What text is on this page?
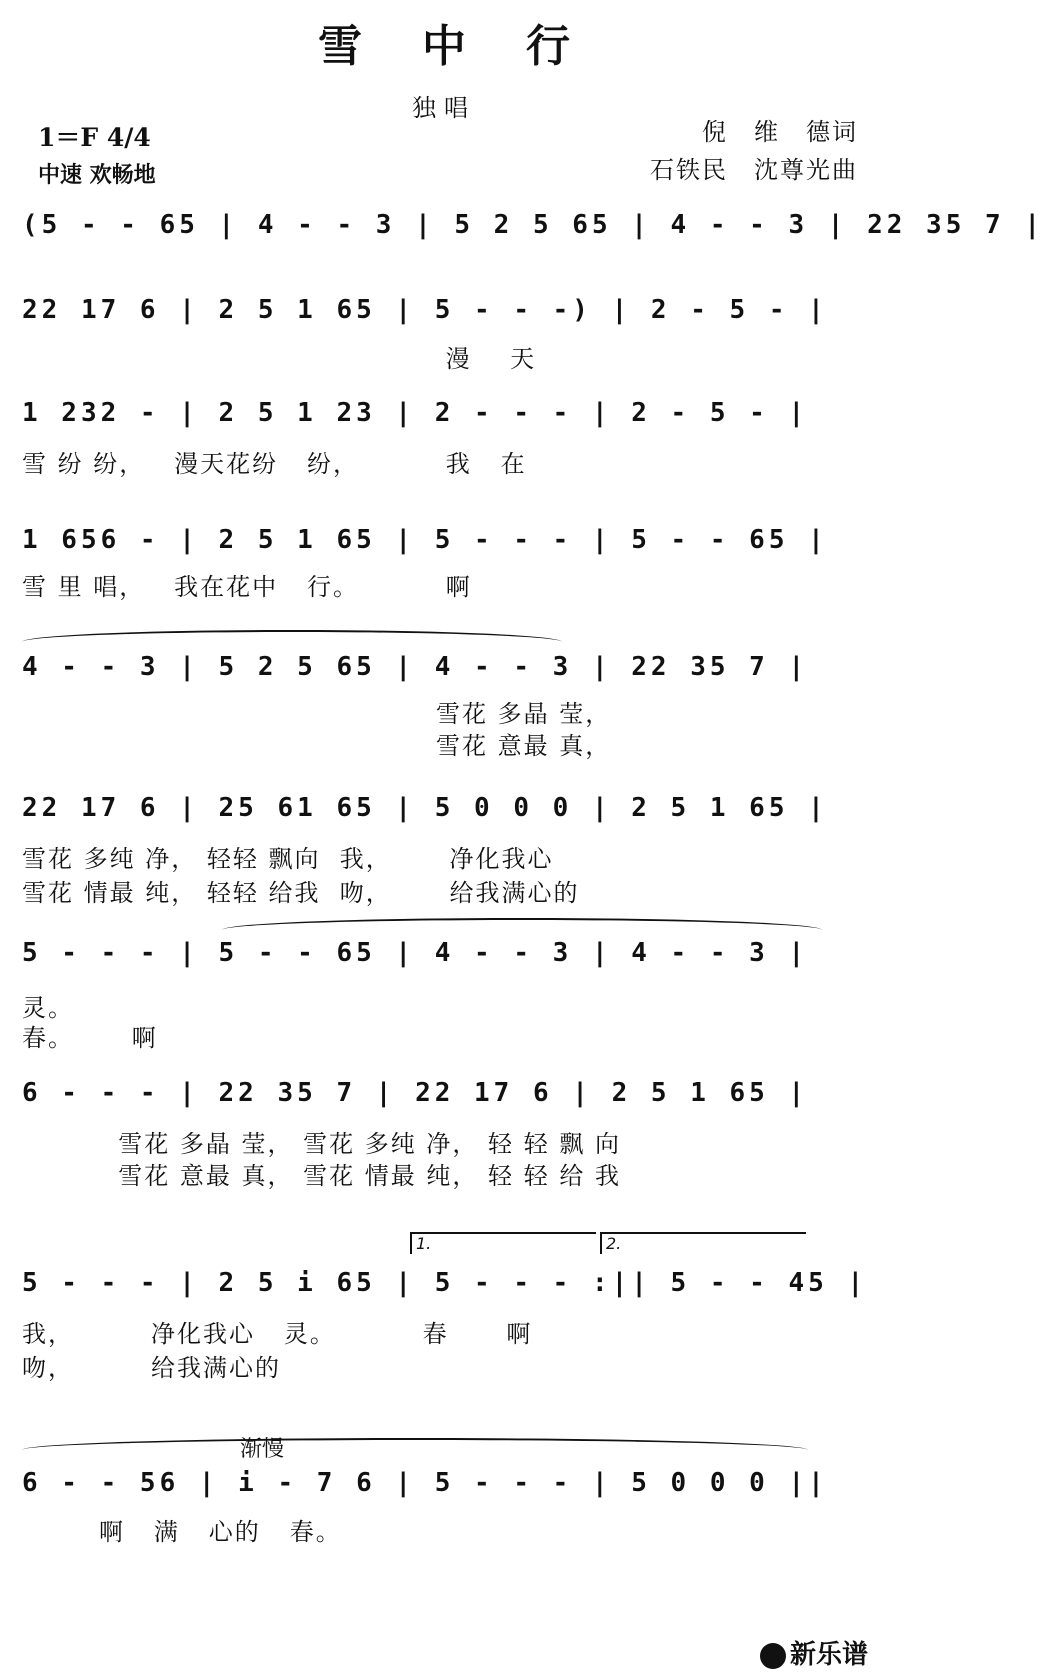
雪中行
独唱
1＝F 4/4
中速 欢畅地
倪　维　德词
石铁民　沈尊光曲
(5 - - 65 | 4 - - 3 | 5 2 5 65 | 4 - - 3 | 22 35 7 |
22 17 6 | 2 5 1 65 | 5 - - -) | 2 - 5 - |
漫    天
1 232 - | 2 5 1 23 | 2 - - - | 2 - 5 - |
雪 纷 纷，   漫天花纷   纷，         我   在
1 656 - | 2 5 1 65 | 5 - - - | 5 - - 65 |
雪 里 唱，   我在花中   行。         啊
4 - - 3 | 5 2 5 65 | 4 - - 3 | 22 35 7 |
雪花 多晶 莹，
雪花 意最 真，
22 17 6 | 25 61 65 | 5 0 0 0 | 2 5 1 65 |
雪花 多纯 净， 轻轻 飘向  我，      净化我心
雪花 情最 纯， 轻轻 给我  吻，      给我满心的
5 - - - | 5 - - 65 | 4 - - 3 | 4 - - 3 |
灵。
春。      啊
6 - - - | 22 35 7 | 22 17 6 | 2 5 1 65 |
雪花 多晶 莹， 雪花 多纯 净， 轻 轻 飘 向
雪花 意最 真， 雪花 情最 纯， 轻 轻 给 我
1.	2.
5 - - - | 2 5 i 65 | 5 - - - :|| 5 - - 45 |
我，        净化我心   灵。         春      啊
吻，        给我满心的
渐慢
6 - - 56 | i - 7 6 | 5 - - - | 5 0 0 0 ||
啊   满   心的   春。
新乐谱
